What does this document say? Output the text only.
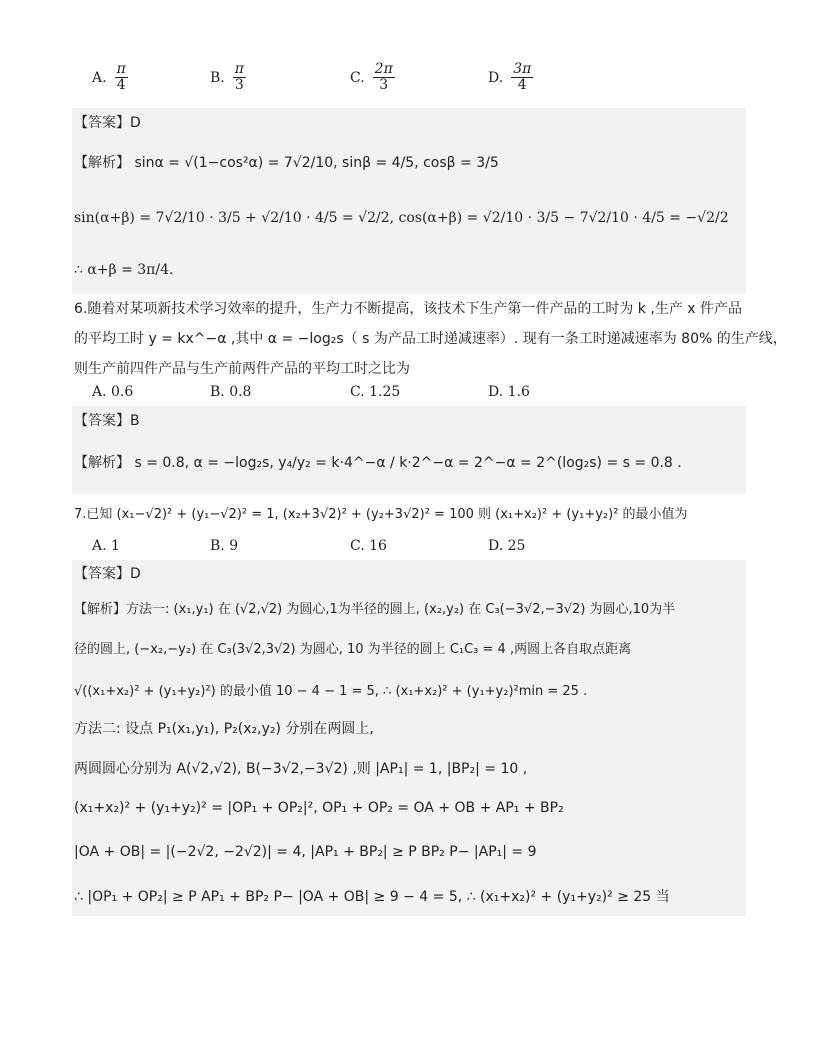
A. $\frac{\pi}{4}$	B. $\frac{\pi}{3}$	C. $\frac{2\pi}{3}$	D. $\frac{3\pi}{4}$
【答案】D
【解析】 sinα = √(1−cos²α) = 7√2/10, sinβ = 4/5, cosβ = 3/5
sin(α+β) = 7√2/10 · 3/5 + √2/10 · 4/5 = √2/2, cos(α+β) = √2/10 · 3/5 − 7√2/10 · 4/5 = −√2/2
∴ α+β = 3π/4.
6.随着对某项新技术学习效率的提升，生产力不断提高，该技术下生产第一件产品的工时为 k ,生产 x 件产品
的平均工时 y = kx^−α ,其中 α = −log₂s（ s 为产品工时递减速率）. 现有一条工时递减速率为 80% 的生产线，
则生产前四件产品与生产前两件产品的平均工时之比为
A. 0.6	B. 0.8	C. 1.25	D. 1.6
【答案】B
【解析】 s = 0.8, α = −log₂s, y₄/y₂ = k·4^−α / k·2^−α = 2^−α = 2^(log₂s) = s = 0.8 .
7.已知 (x₁−√2)² + (y₁−√2)² = 1, (x₂+3√2)² + (y₂+3√2)² = 100 则 (x₁+x₂)² + (y₁+y₂)² 的最小值为
A. 1	B. 9	C. 16	D. 25
【答案】D
【解析】方法一: (x₁,y₁) 在 (√2,√2) 为圆心,1为半径的圆上, (x₂,y₂) 在 C₃(−3√2,−3√2) 为圆心,10为半
径的圆上, (−x₂,−y₂) 在 C₃(3√2,3√2) 为圆心, 10 为半径的圆上 C₁C₃ = 4 ,两圆上各自取点距离
√((x₁+x₂)² + (y₁+y₂)²) 的最小值 10 − 4 − 1 = 5, ∴ (x₁+x₂)² + (y₁+y₂)²min = 25 .
方法二: 设点 P₁(x₁,y₁), P₂(x₂,y₂) 分别在两圆上,
两圆圆心分别为 A(√2,√2), B(−3√2,−3√2) ,则 |AP₁| = 1, |BP₂| = 10 ,
(x₁+x₂)² + (y₁+y₂)² = |OP₁ + OP₂|², OP₁ + OP₂ = OA + OB + AP₁ + BP₂
|OA + OB| = |(−2√2, −2√2)| = 4, |AP₁ + BP₂| ≥ P BP₂ P− |AP₁| = 9
∴ |OP₁ + OP₂| ≥ P AP₁ + BP₂ P− |OA + OB| ≥ 9 − 4 = 5, ∴ (x₁+x₂)² + (y₁+y₂)² ≥ 25 当
